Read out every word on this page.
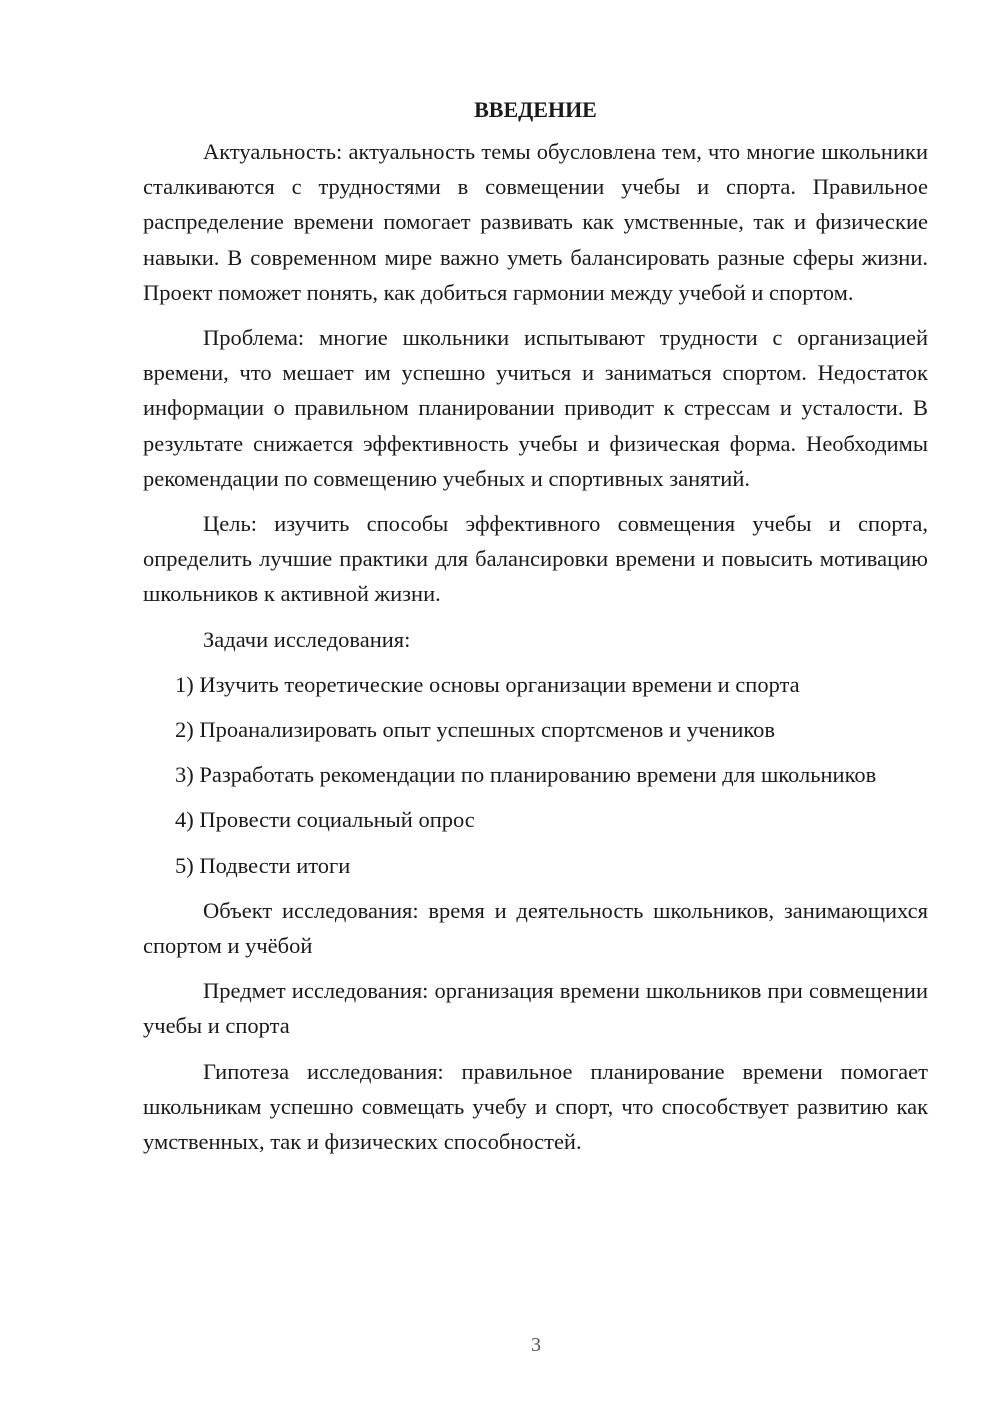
ВВЕДЕНИЕ

Актуальность: актуальность темы обусловлена тем, что многие школьники сталкиваются с трудностями в совмещении учебы и спорта. Правильное распределение времени помогает развивать как умственные, так и физические навыки. В современном мире важно уметь балансировать разные сферы жизни. Проект поможет понять, как добиться гармонии между учебой и спортом.

Проблема: многие школьники испытывают трудности с организацией времени, что мешает им успешно учиться и заниматься спортом. Недостаток информации о правильном планировании приводит к стрессам и усталости. В результате снижается эффективность учебы и физическая форма. Необходимы рекомендации по совмещению учебных и спортивных занятий.

Цель: изучить способы эффективного совмещения учебы и спорта, определить лучшие практики для балансировки времени и повысить мотивацию школьников к активной жизни.

Задачи исследования:

1) Изучить теоретические основы организации времени и спорта

2) Проанализировать опыт успешных спортсменов и учеников

3) Разработать рекомендации по планированию времени для школьников

4) Провести социальный опрос

5) Подвести итоги

Объект исследования: время и деятельность школьников, занимающихся спортом и учёбой

Предмет исследования: организация времени школьников при совмещении учебы и спорта

Гипотеза исследования: правильное планирование времени помогает школьникам успешно совмещать учебу и спорт, что способствует развитию как умственных, так и физических способностей.

3
